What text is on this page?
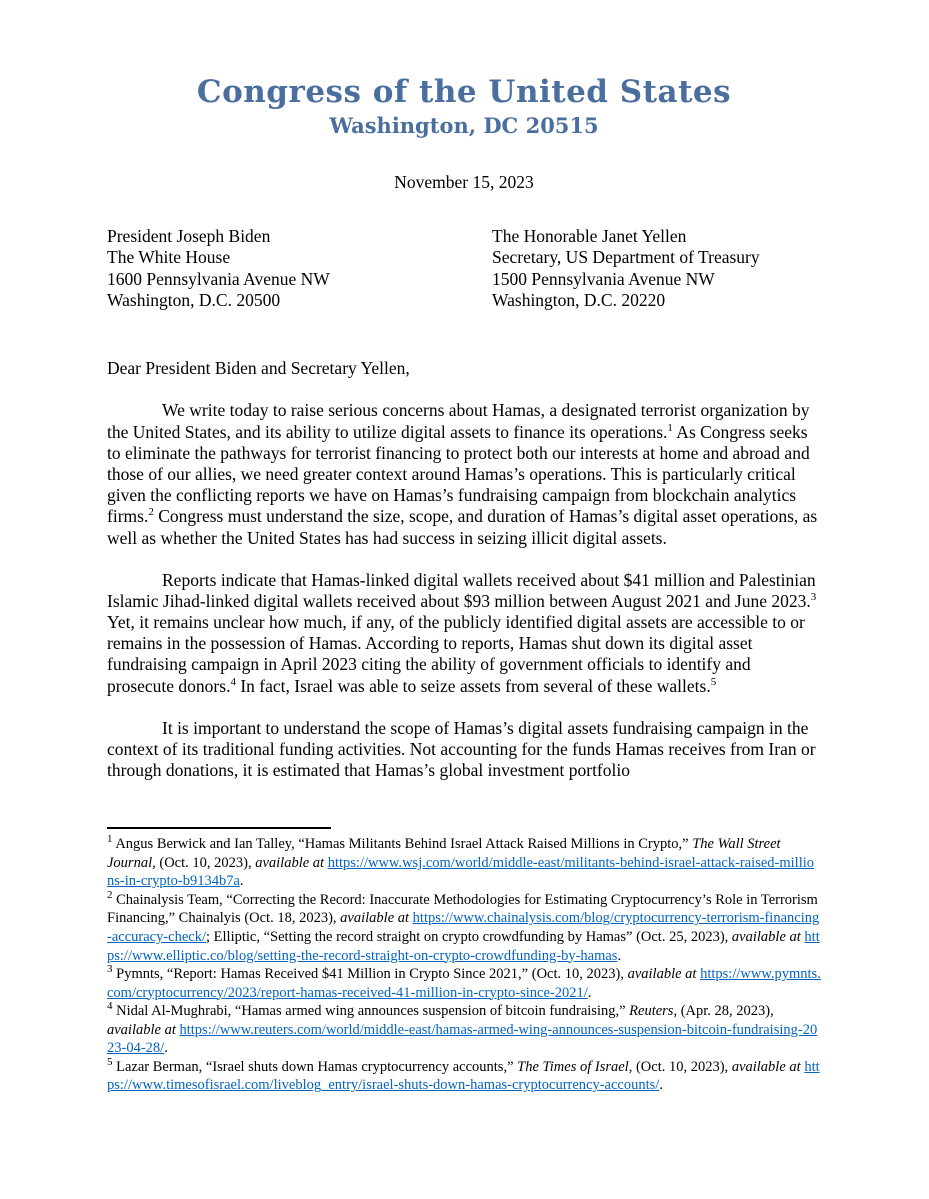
Congress of the United States
Washington, DC 20515
November 15, 2023
President Joseph Biden
The White House
1600 Pennsylvania Avenue NW
Washington, D.C. 20500
The Honorable Janet Yellen
Secretary, US Department of Treasury
1500 Pennsylvania Avenue NW
Washington, D.C. 20220
Dear President Biden and Secretary Yellen,

We write today to raise serious concerns about Hamas, a designated terrorist organization by the United States, and its ability to utilize digital assets to finance its operations.$^1$ As Congress seeks to eliminate the pathways for terrorist financing to protect both our interests at home and abroad and those of our allies, we need greater context around Hamas’s operations. This is particularly critical given the conflicting reports we have on Hamas’s fundraising campaign from blockchain analytics firms.$^2$ Congress must understand the size, scope, and duration of Hamas’s digital asset operations, as well as whether the United States has had success in seizing illicit digital assets.

Reports indicate that Hamas-linked digital wallets received about $41 million and Palestinian Islamic Jihad-linked digital wallets received about $93 million between August 2021 and June 2023.$^3$ Yet, it remains unclear how much, if any, of the publicly identified digital assets are accessible to or remains in the possession of Hamas. According to reports, Hamas shut down its digital asset fundraising campaign in April 2023 citing the ability of government officials to identify and prosecute donors.$^4$ In fact, Israel was able to seize assets from several of these wallets.$^5$

It is important to understand the scope of Hamas’s digital assets fundraising campaign in the context of its traditional funding activities. Not accounting for the funds Hamas receives from Iran or through donations, it is estimated that Hamas’s global investment portfolio

$^1$ Angus Berwick and Ian Talley, “Hamas Militants Behind Israel Attack Raised Millions in Crypto,” The Wall Street Journal, (Oct. 10, 2023), available at https://www.wsj.com/world/middle-east/militants-behind-israel-attack-raised-millions-in-crypto-b9134b7a.
$^2$ Chainalysis Team, “Correcting the Record: Inaccurate Methodologies for Estimating Cryptocurrency’s Role in Terrorism Financing,” Chainalyis (Oct. 18, 2023), available at https://www.chainalysis.com/blog/cryptocurrency-terrorism-financing-accuracy-check/; Elliptic, “Setting the record straight on crypto crowdfunding by Hamas” (Oct. 25, 2023), available at https://www.elliptic.co/blog/setting-the-record-straight-on-crypto-crowdfunding-by-hamas.
$^3$ Pymnts, “Report: Hamas Received $41 Million in Crypto Since 2021,” (Oct. 10, 2023), available at https://www.pymnts.com/cryptocurrency/2023/report-hamas-received-41-million-in-crypto-since-2021/.
$^4$ Nidal Al-Mughrabi, “Hamas armed wing announces suspension of bitcoin fundraising,” Reuters, (Apr. 28, 2023), available at https://www.reuters.com/world/middle-east/hamas-armed-wing-announces-suspension-bitcoin-fundraising-2023-04-28/.
$^5$ Lazar Berman, “Israel shuts down Hamas cryptocurrency accounts,” The Times of Israel, (Oct. 10, 2023), available at https://www.timesofisrael.com/liveblog_entry/israel-shuts-down-hamas-cryptocurrency-accounts/.
